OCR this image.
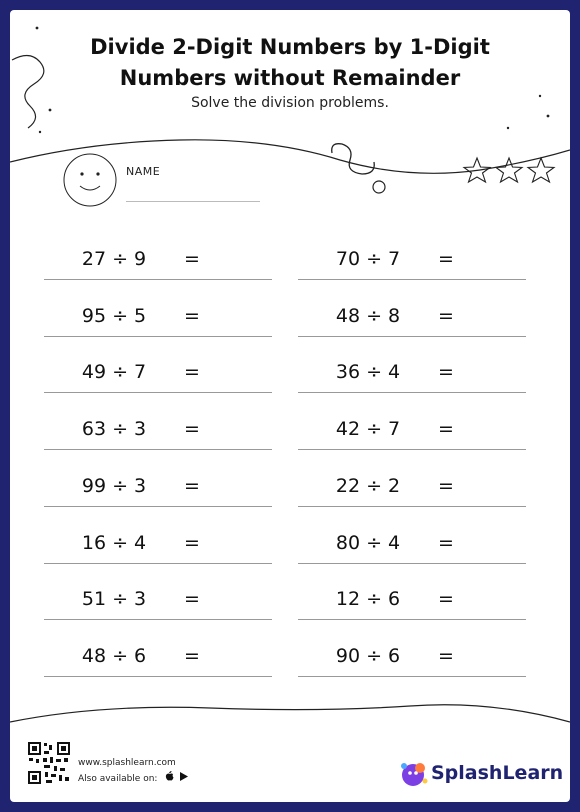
Divide 2-Digit Numbers by 1-Digit
Numbers without Remainder
Solve the division problems.
NAME
27 ÷ 9	=
95 ÷ 5	=
49 ÷ 7	=
63 ÷ 3	=
99 ÷ 3	=
16 ÷ 4	=
51 ÷ 3	=
48 ÷ 6	=
70 ÷ 7	=
48 ÷ 8	=
36 ÷ 4	=
42 ÷ 7	=
22 ÷ 2	=
80 ÷ 4	=
12 ÷ 6	=
90 ÷ 6	=
www.splashlearn.com
Also available on:	SplashLearn
